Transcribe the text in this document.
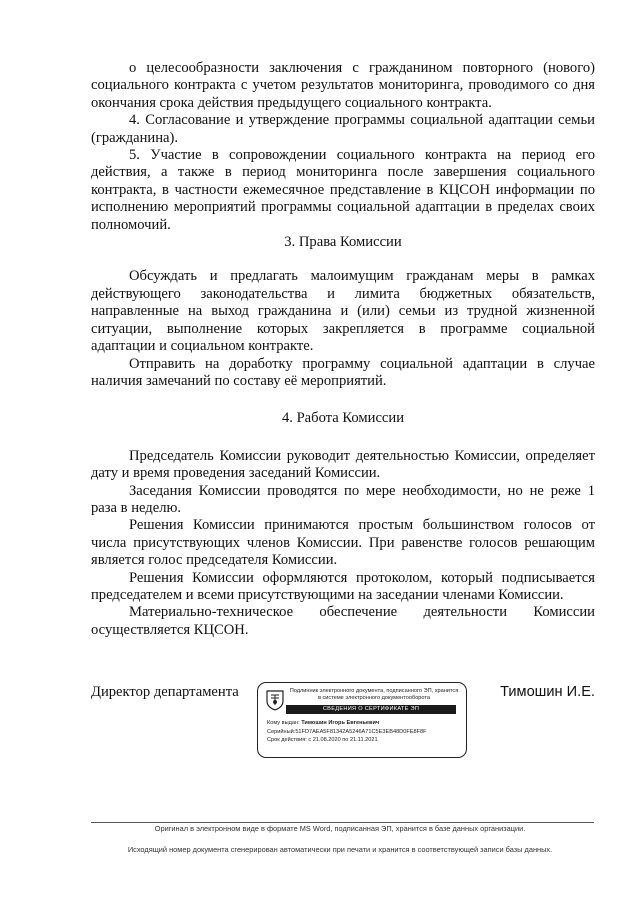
о целесообразности заключения с гражданином повторного (нового) социального контракта с учетом результатов мониторинга, проводимого со дня окончания срока действия предыдущего социального контракта.

4. Согласование и утверждение программы социальной адаптации семьи (гражданина).

5. Участие в сопровождении социального контракта на период его действия, а также в период мониторинга после завершения социального контракта, в частности ежемесячное представление в КЦСОН информации по исполнению мероприятий программы социальной адаптации в пределах своих полномочий.

3. Права Комиссии

Обсуждать и предлагать малоимущим гражданам меры в рамках действующего законодательства и лимита бюджетных обязательств, направленные на выход гражданина и (или) семьи из трудной жизненной ситуации, выполнение которых закрепляется в программе социальной адаптации и социальном контракте.

Отправить на доработку программу социальной адаптации в случае наличия замечаний по составу её мероприятий.

4. Работа Комиссии

Председатель Комиссии руководит деятельностью Комиссии, определяет дату и время проведения заседаний Комиссии.

Заседания Комиссии проводятся по мере необходимости, но не реже 1 раза в неделю.

Решения Комиссии принимаются простым большинством голосов от числа присутствующих членов Комиссии. При равенстве голосов решающим является голос председателя Комиссии.

Решения Комиссии оформляются протоколом, который подписывается председателем и всеми присутствующими на заседании членами Комиссии.

Материально-техническое обеспечение деятельности Комиссии осуществляется КЦСОН.

Директор департамента	Подлинник электронного документа, подписанного ЭП, хранится в системе электронного документооборота
СВЕДЕНИЯ О СЕРТИФИКАТЕ ЭП
Кому выдан: Тимошин Игорь Евгеньевич
Серийный:51FD7AEA5F81342A5246A71C5E3EB48D0FE8F8F
Срок действия: с 21.08.2020 по 21.11.2021
Тимошин И.Е.
Оригинал в электронном виде в формате MS Word, подписанная ЭП, хранится в базе данных организации.
Исходящий номер документа сгенерирован автоматически при печати и хранится в соответствующей записи базы данных.
